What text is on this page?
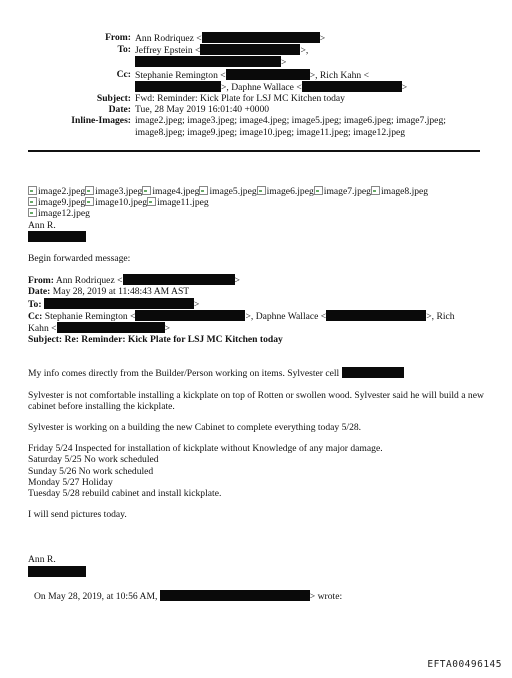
From: Ann Rodriquez <	>
To: Jeffrey Epstein <	>, >
Cc: Stephanie Remington <	>, Rich Kahn <
>, Daphne Wallace <	>
Subject: Fwd: Reminder: Kick Plate for LSJ MC Kitchen today
Date: Tue, 28 May 2019 16:01:40 +0000
Inline-Images: image2.jpeg; image3.jpeg; image4.jpeg; image5.jpeg; image6.jpeg; image7.jpeg; image8.jpeg; image9.jpeg; image10.jpeg; image11.jpeg; image12.jpeg
image2.jpeg image3.jpeg image4.jpeg image5.jpeg image6.jpeg image7.jpeg image8.jpeg
image9.jpeg image10.jpeg image11.jpeg
image12.jpeg

Ann R.

Begin forwarded message:

From: Ann Rodriquez <	>
Date: May 28, 2019 at 11:48:43 AM AST
To:	>
Cc: Stephanie Remington <	>, Daphne Wallace <	>, Rich
Kahn <	>
Subject: Re: Reminder: Kick Plate for LSJ MC Kitchen today

My info comes directly from the Builder/Person working on items. Sylvester cell

Sylvester is not comfortable installing a kickplate on top of Rotten or swollen wood. Sylvester said he will build a new cabinet before installing the kickplate.

Sylvester is working on a building the new Cabinet to complete everything today 5/28.

Friday 5/24 Inspected for installation of kickplate without Knowledge of any major damage.

Saturday 5/25 No work scheduled

Sunday 5/26 No work scheduled

Monday 5/27 Holiday

Tuesday 5/28 rebuild cabinet and install kickplate.

I will send pictures today.

Ann R.

On May 28, 2019, at 10:56 AM,	> wrote:

EFTA00496145
